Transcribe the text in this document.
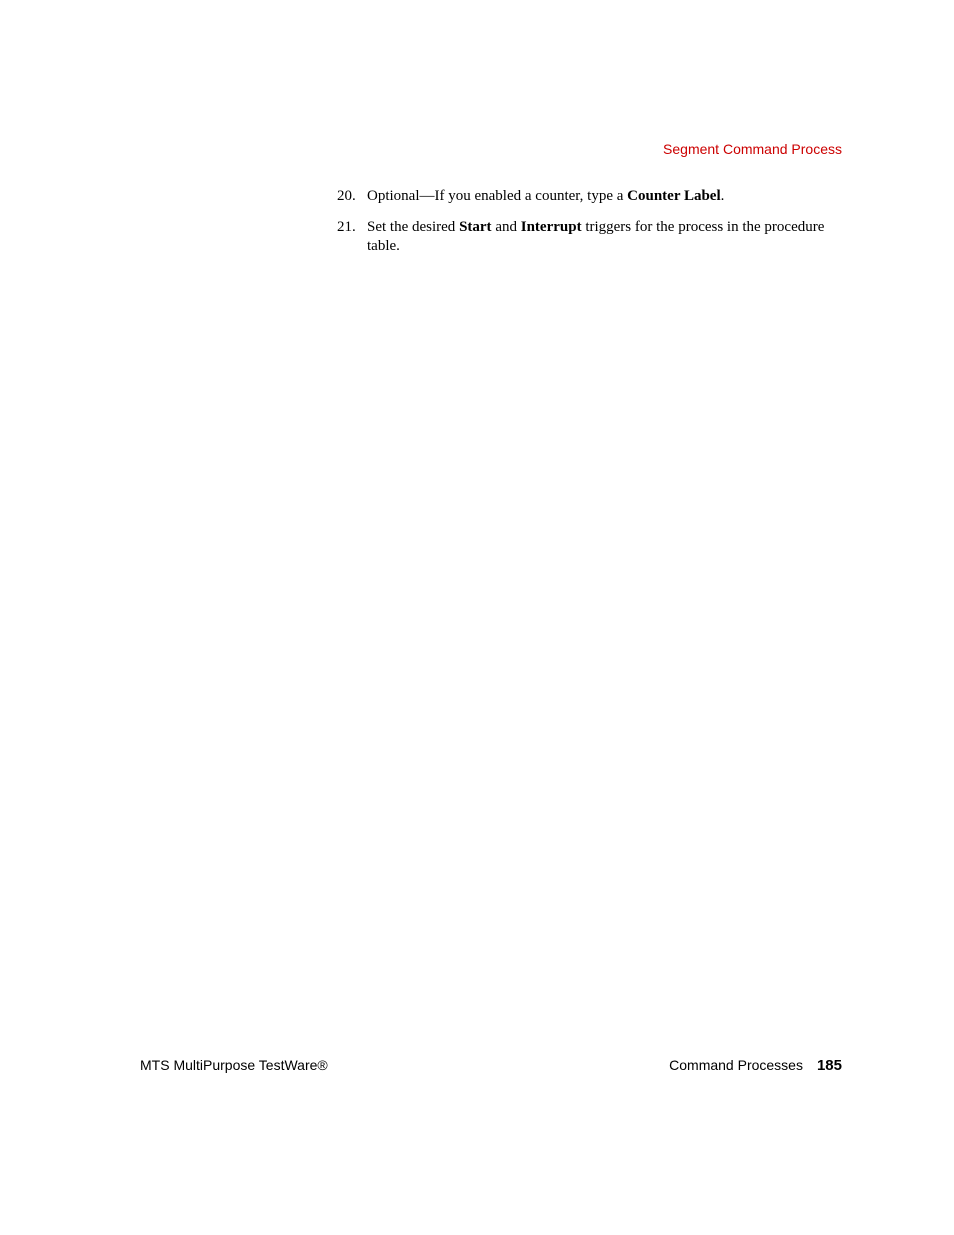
Segment Command Process
20. Optional—If you enabled a counter, type a Counter Label.
21. Set the desired Start and Interrupt triggers for the process in the procedure table.
MTS MultiPurpose TestWare®	Command Processes 185
